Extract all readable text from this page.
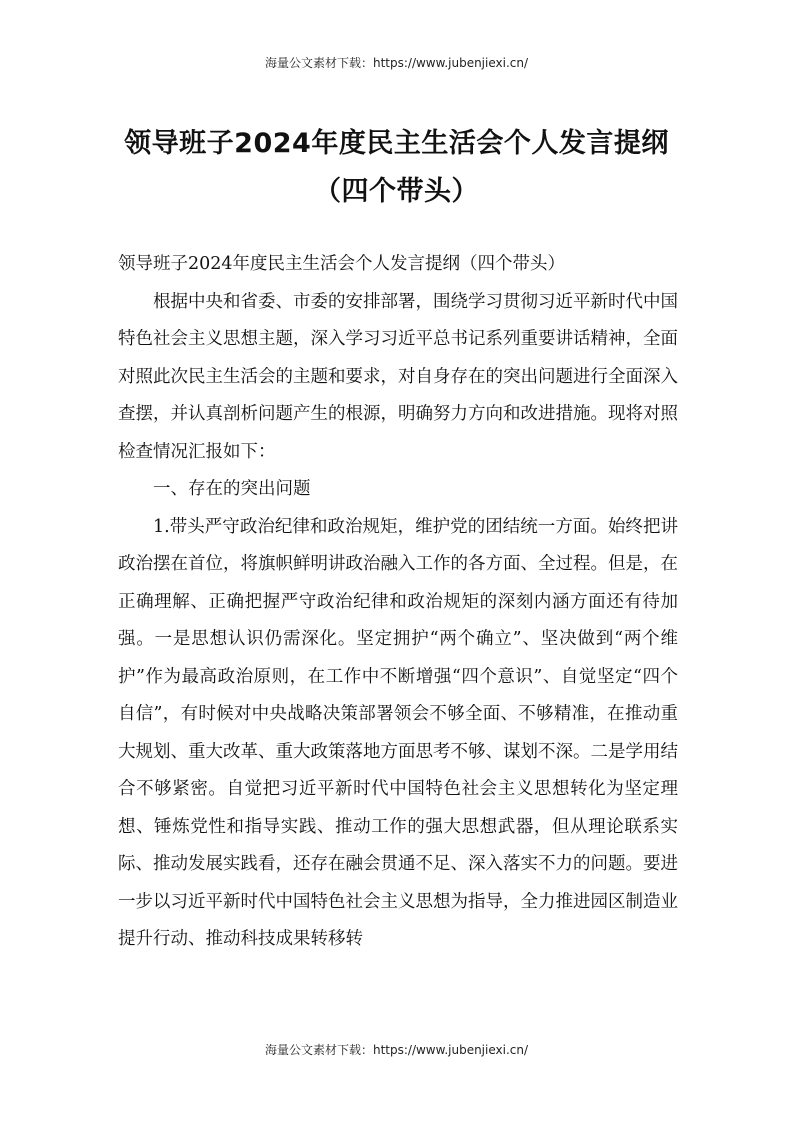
海量公文素材下载：https://www.jubenjiexi.cn/
领导班子2024年度民主生活会个人发言提纲（四个带头）

领导班子2024年度民主生活会个人发言提纲（四个带头）

根据中央和省委、市委的安排部署，围绕学习贯彻习近平新时代中国特色社会主义思想主题，深入学习习近平总书记系列重要讲话精神，全面对照此次民主生活会的主题和要求，对自身存在的突出问题进行全面深入查摆，并认真剖析问题产生的根源，明确努力方向和改进措施。现将对照检查情况汇报如下：

一、存在的突出问题

1.带头严守政治纪律和政治规矩，维护党的团结统一方面。始终把讲政治摆在首位，将旗帜鲜明讲政治融入工作的各方面、全过程。但是，在正确理解、正确把握严守政治纪律和政治规矩的深刻内涵方面还有待加强。一是思想认识仍需深化。坚定拥护“两个确立”、坚决做到“两个维护”作为最高政治原则，在工作中不断增强“四个意识”、自觉坚定“四个自信”，有时候对中央战略决策部署领会不够全面、不够精准，在推动重大规划、重大改革、重大政策落地方面思考不够、谋划不深。二是学用结合不够紧密。自觉把习近平新时代中国特色社会主义思想转化为坚定理想、锤炼党性和指导实践、推动工作的强大思想武器，但从理论联系实际、推动发展实践看，还存在融会贯通不足、深入落实不力的问题。要进一步以习近平新时代中国特色社会主义思想为指导，全力推进园区制造业提升行动、推动科技成果转移转

海量公文素材下载：https://www.jubenjiexi.cn/
